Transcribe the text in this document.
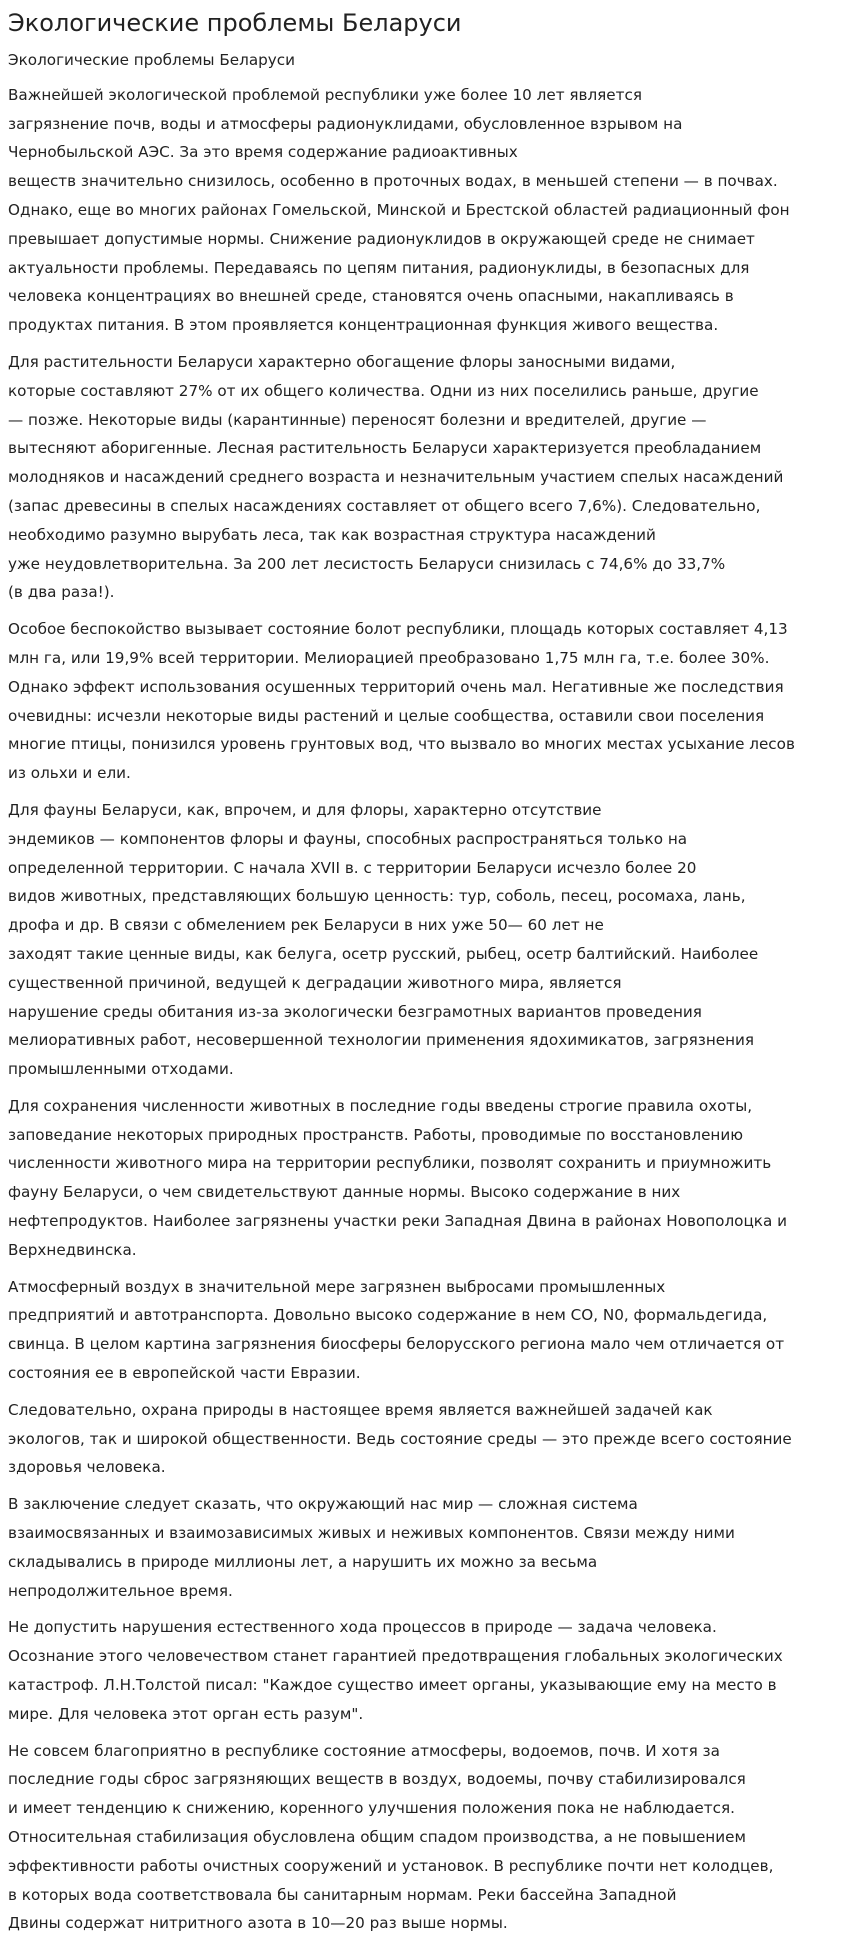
Экологические проблемы Беларуси
Экологические проблемы Беларуси

Важнейшей экологической проблемой республики уже более 10 лет является
загрязнение почв, воды и атмосферы радионуклидами, обусловленное взрывом на
Чернобыльской АЭС. За это время содержание радиоактивных
веществ значительно снизилось, особенно в проточных водах, в меньшей степени — в почвах.
Однако, еще во многих районах Гомельской, Минской и Брестской областей радиационный фон
превышает допустимые нормы. Снижение радионуклидов в окружающей среде не снимает
актуальности проблемы. Передаваясь по цепям питания, радионуклиды, в безопасных для
человека концентрациях во внешней среде, становятся очень опасными, накапливаясь в
продуктах питания. В этом проявляется концентрационная функция живого вещества.

Для растительности Беларуси характерно обогащение флоры заносными видами,
которые составляют 27% от их общего количества. Одни из них поселились раньше, другие
— позже. Некоторые виды (карантинные) переносят болезни и вредителей, другие —
вытесняют аборигенные. Лесная растительность Беларуси характеризуется преобладанием
молодняков и насаждений среднего возраста и незначительным участием спелых насаждений
(запас древесины в спелых насаждениях составляет от общего всего 7,6%). Следовательно,
необходимо разумно вырубать леса, так как возрастная структура насаждений
уже неудовлетворительна. За 200 лет лесистость Беларуси снизилась с 74,6% до 33,7%
(в два раза!).

Особое беспокойство вызывает состояние болот республики, площадь которых составляет 4,13
млн га, или 19,9% всей территории. Мелиорацией преобразовано 1,75 млн га, т.е. более 30%.
Однако эффект использования осушенных территорий очень мал. Негативные же последствия
очевидны: исчезли некоторые виды растений и целые сообщества, оставили свои поселения
многие птицы, понизился уровень грунтовых вод, что вызвало во многих местах усыхание лесов
из ольхи и ели.

Для фауны Беларуси, как, впрочем, и для флоры, характерно отсутствие
эндемиков — компонентов флоры и фауны, способных распространяться только на
определенной территории. С начала XVII в. с территории Беларуси исчезло более 20
видов животных, представляющих большую ценность: тур, соболь, песец, росомаха, лань,
дрофа и др. В связи с обмелением рек Беларуси в них уже 50— 60 лет не
заходят такие ценные виды, как белуга, осетр русский, рыбец, осетр балтийский. Наиболее
существенной причиной, ведущей к деградации животного мира, является
нарушение среды обитания из-за экологически безграмотных вариантов проведения
мелиоративных работ, несовершенной технологии применения ядохимикатов, загрязнения
промышленными отходами.

Для сохранения численности животных в последние годы введены строгие правила охоты,
заповедание некоторых природных пространств. Работы, проводимые по восстановлению
численности животного мира на территории республики, позволят сохранить и приумножить
фауну Беларуси, о чем свидетельствуют данные нормы. Высоко содержание в них
нефтепродуктов. Наиболее загрязнены участки реки Западная Двина в районах Новополоцка и
Верхнедвинска.

Атмосферный воздух в значительной мере загрязнен выбросами промышленных
предприятий и автотранспорта. Довольно высоко содержание в нем CO, N0, формальдегида,
свинца. В целом картина загрязнения биосферы белорусского региона мало чем отличается от
состояния ее в европейской части Евразии.

Следовательно, охрана природы в настоящее время является важнейшей задачей как
экологов, так и широкой общественности. Ведь состояние среды — это прежде всего состояние
здоровья человека.

В заключение следует сказать, что окружающий нас мир — сложная система
взаимосвязанных и взаимозависимых живых и неживых компонентов. Связи между ними
складывались в природе миллионы лет, а нарушить их можно за весьма
непродолжительное время.

Не допустить нарушения естественного хода процессов в природе — задача человека.
Осознание этого человечеством станет гарантией предотвращения глобальных экологических
катастроф. Л.Н.Толстой писал: "Каждое существо имеет органы, указывающие ему на место в
мире. Для человека этот орган есть разум".

Не совсем благоприятно в республике состояние атмосферы, водоемов, почв. И хотя за
последние годы сброс загрязняющих веществ в воздух, водоемы, почву стабилизировался
и имеет тенденцию к снижению, коренного улучшения положения пока не наблюдается.
Относительная стабилизация обусловлена общим спадом производства, а не повышением
эффективности работы очистных сооружений и установок. В республике почти нет колодцев,
в которых вода соответствовала бы санитарным нормам. Реки бассейна Западной
Двины содержат нитритного азота в 10—20 раз выше нормы.
